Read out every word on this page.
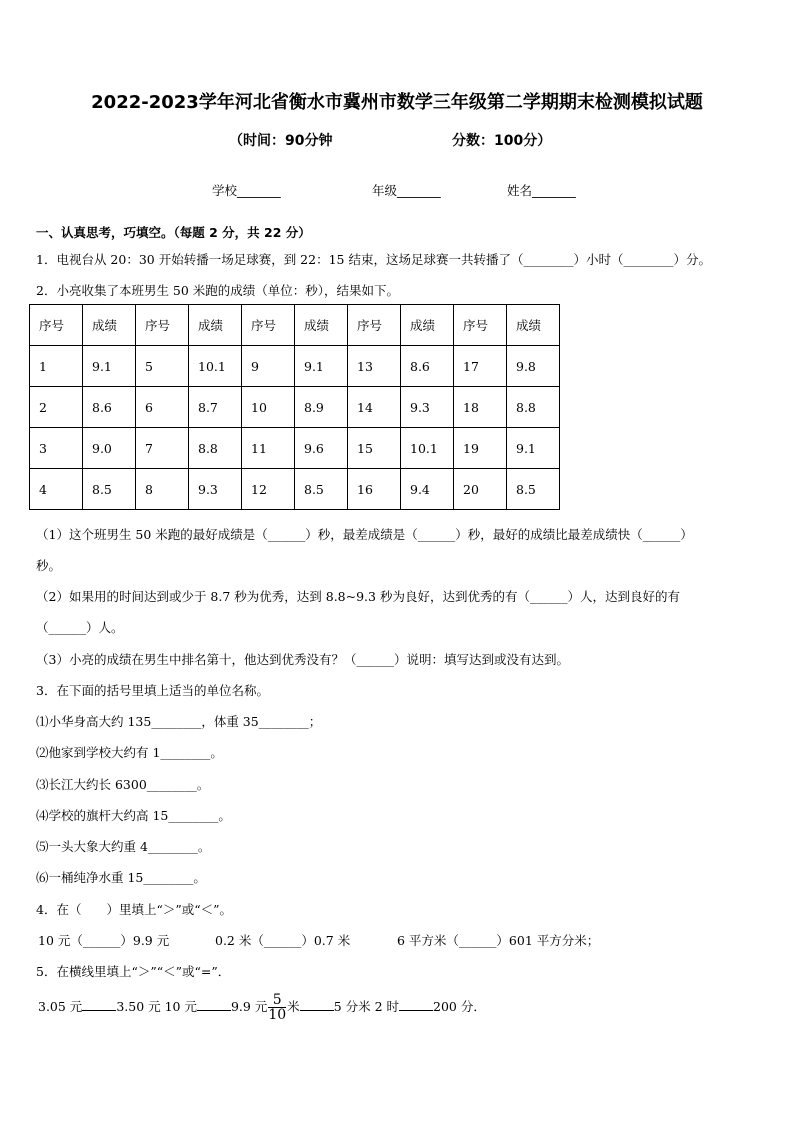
2022-2023学年河北省衡水市冀州市数学三年级第二学期期末检测模拟试题
（时间：90分钟	分数：100分）
学校_______	年级_______	姓名_______
一、认真思考，巧填空。（每题 2 分，共 22 分）
1．电视台从 20：30 开始转播一场足球赛，到 22：15 结束，这场足球赛一共转播了（________）小时（________）分。
2．小亮收集了本班男生 50 米跑的成绩（单位：秒），结果如下。
序号	成绩	序号	成绩	序号	成绩	序号	成绩	序号	成绩
1	9.1	5	10.1	9	9.1	13	8.6	17	9.8
2	8.6	6	8.7	10	8.9	14	9.3	18	8.8
3	9.0	7	8.8	11	9.6	15	10.1	19	9.1
4	8.5	8	9.3	12	8.5	16	9.4	20	8.5
（1）这个班男生 50 米跑的最好成绩是（______）秒，最差成绩是（______）秒，最好的成绩比最差成绩快（______）
秒。
（2）如果用的时间达到或少于 8.7 秒为优秀，达到 8.8~9.3 秒为良好，达到优秀的有（______）人，达到良好的有
（______）人。
（3）小亮的成绩在男生中排名第十，他达到优秀没有？（______）说明：填写达到或没有达到。
3．在下面的括号里填上适当的单位名称。
⑴小华身高大约 135________，体重 35________；
⑵他家到学校大约有 1________。
⑶长江大约长 6300________。
⑷学校的旗杆大约高 15________。
⑸一头大象大约重 4________。
⑹一桶纯净水重 15________。
4．在（　　）里填上“＞”或“＜”。
10 元（______）9.9 元	0.2 米（______）0.7 米	6 平方米（______）601 平方分米；
5．在横线里填上“＞”“＜”或“=”．
3.05 元	3.50 元 10 元	9.9 元 $\frac{5}{10}$ 米	5 分米 2 时	200 分．
